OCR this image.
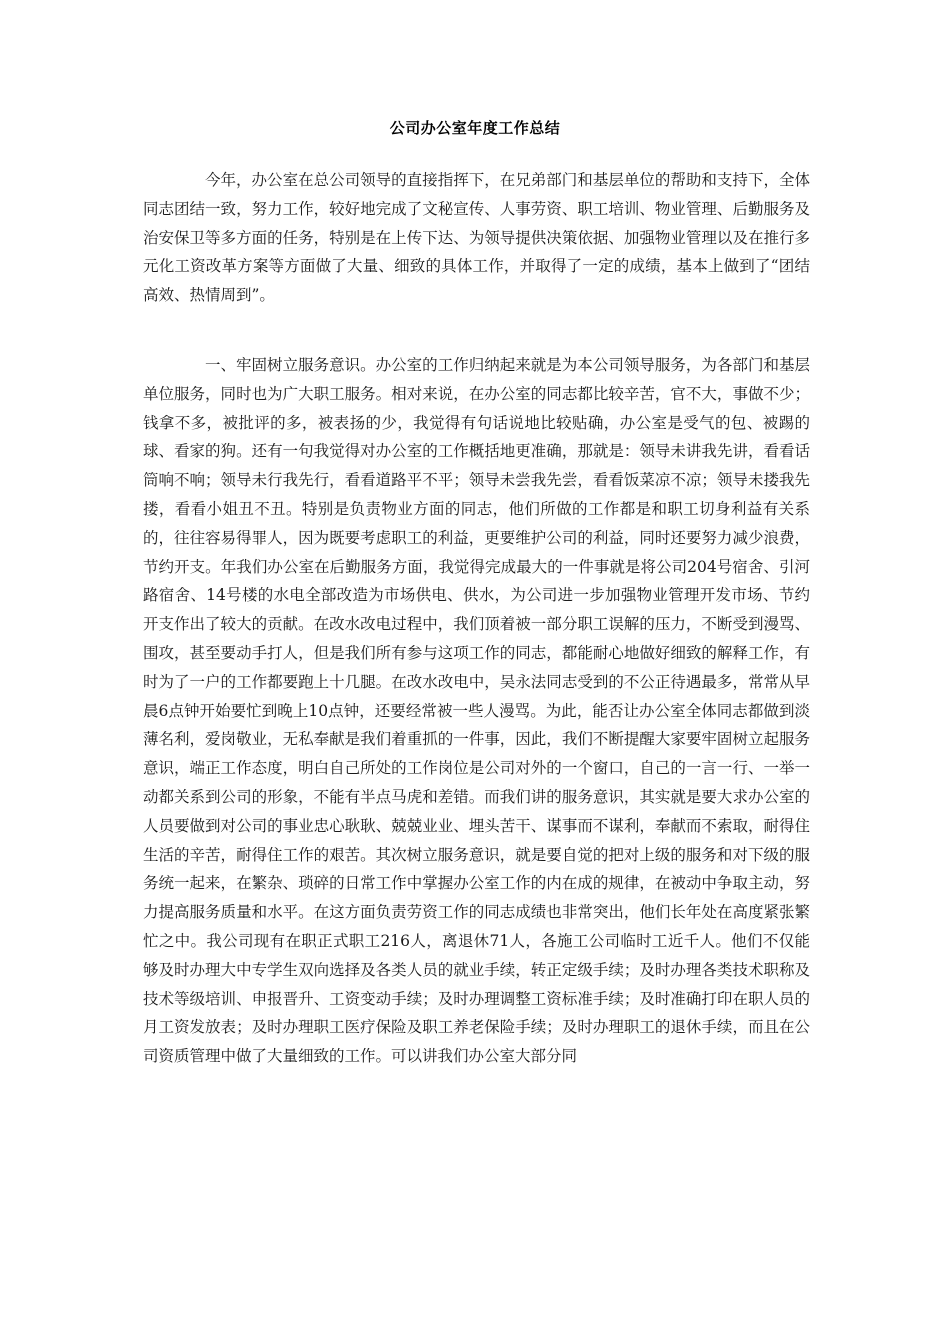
公司办公室年度工作总结

今年，办公室在总公司领导的直接指挥下，在兄弟部门和基层单位的帮助和支持下，全体同志团结一致，努力工作，较好地完成了文秘宣传、人事劳资、职工培训、物业管理、后勤服务及治安保卫等多方面的任务，特别是在上传下达、为领导提供决策依据、加强物业管理以及在推行多元化工资改革方案等方面做了大量、细致的具体工作，并取得了一定的成绩，基本上做到了“团结高效、热情周到”。

一、牢固树立服务意识。办公室的工作归纳起来就是为本公司领导服务，为各部门和基层单位服务，同时也为广大职工服务。相对来说，在办公室的同志都比较辛苦，官不大，事做不少；钱拿不多，被批评的多，被表扬的少，我觉得有句话说地比较贴确，办公室是受气的包、被踢的球、看家的狗。还有一句我觉得对办公室的工作概括地更准确，那就是：领导未讲我先讲，看看话筒响不响；领导未行我先行，看看道路平不平；领导未尝我先尝，看看饭菜凉不凉；领导未搂我先搂，看看小姐丑不丑。特别是负责物业方面的同志，他们所做的工作都是和职工切身利益有关系的，往往容易得罪人，因为既要考虑职工的利益，更要维护公司的利益，同时还要努力减少浪费，节约开支。年我们办公室在后勤服务方面，我觉得完成最大的一件事就是将公司204号宿舍、引河路宿舍、14号楼的水电全部改造为市场供电、供水，为公司进一步加强物业管理开发市场、节约开支作出了较大的贡献。在改水改电过程中，我们顶着被一部分职工误解的压力，不断受到漫骂、围攻，甚至要动手打人，但是我们所有参与这项工作的同志，都能耐心地做好细致的解释工作，有时为了一户的工作都要跑上十几腿。在改水改电中，吴永法同志受到的不公正待遇最多，常常从早晨6点钟开始要忙到晚上10点钟，还要经常被一些人漫骂。为此，能否让办公室全体同志都做到淡薄名利，爱岗敬业，无私奉献是我们着重抓的一件事，因此，我们不断提醒大家要牢固树立起服务意识，端正工作态度，明白自己所处的工作岗位是公司对外的一个窗口，自己的一言一行、一举一动都关系到公司的形象，不能有半点马虎和差错。而我们讲的服务意识，其实就是要大求办公室的人员要做到对公司的事业忠心耿耿、兢兢业业、埋头苦干、谋事而不谋利，奉献而不索取，耐得住生活的辛苦，耐得住工作的艰苦。其次树立服务意识，就是要自觉的把对上级的服务和对下级的服务统一起来，在繁杂、琐碎的日常工作中掌握办公室工作的内在成的规律，在被动中争取主动，努力提高服务质量和水平。在这方面负责劳资工作的同志成绩也非常突出，他们长年处在高度紧张繁忙之中。我公司现有在职正式职工216人，离退休71人，各施工公司临时工近千人。他们不仅能够及时办理大中专学生双向选择及各类人员的就业手续，转正定级手续；及时办理各类技术职称及技术等级培训、申报晋升、工资变动手续；及时办理调整工资标准手续；及时准确打印在职人员的月工资发放表；及时办理职工医疗保险及职工养老保险手续；及时办理职工的退休手续，而且在公司资质管理中做了大量细致的工作。可以讲我们办公室大部分同
